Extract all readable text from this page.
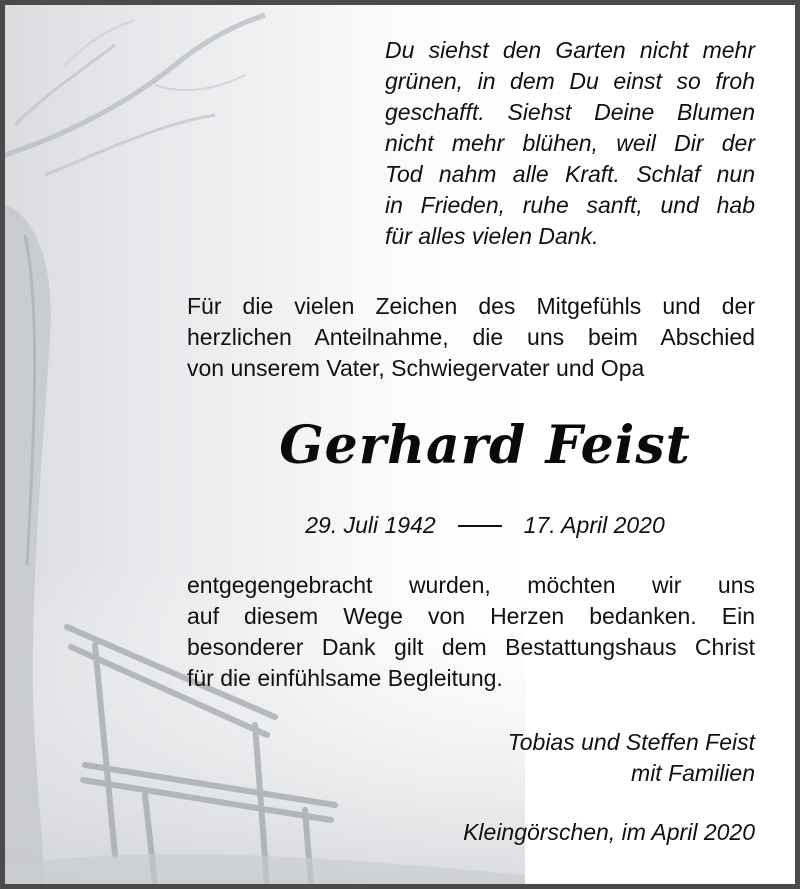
Du siehst den Garten nicht mehr
grünen, in dem Du einst so froh
geschafft. Siehst Deine Blumen
nicht mehr blühen, weil Dir der
Tod nahm alle Kraft. Schlaf nun
in Frieden, ruhe sanft, und hab
für alles vielen Dank.
Für die vielen Zeichen des Mitgefühls und der
herzlichen Anteilnahme, die uns beim Abschied
von unserem Vater, Schwiegervater und Opa
Gerhard Feist
29. Juli 1942	17. April 2020
entgegengebracht wurden, möchten wir uns
auf diesem Wege von Herzen bedanken. Ein
besonderer Dank gilt dem Bestattungshaus Christ
für die einfühlsame Begleitung.
Tobias und Steffen Feist
mit Familien
Kleingörschen, im April 2020
